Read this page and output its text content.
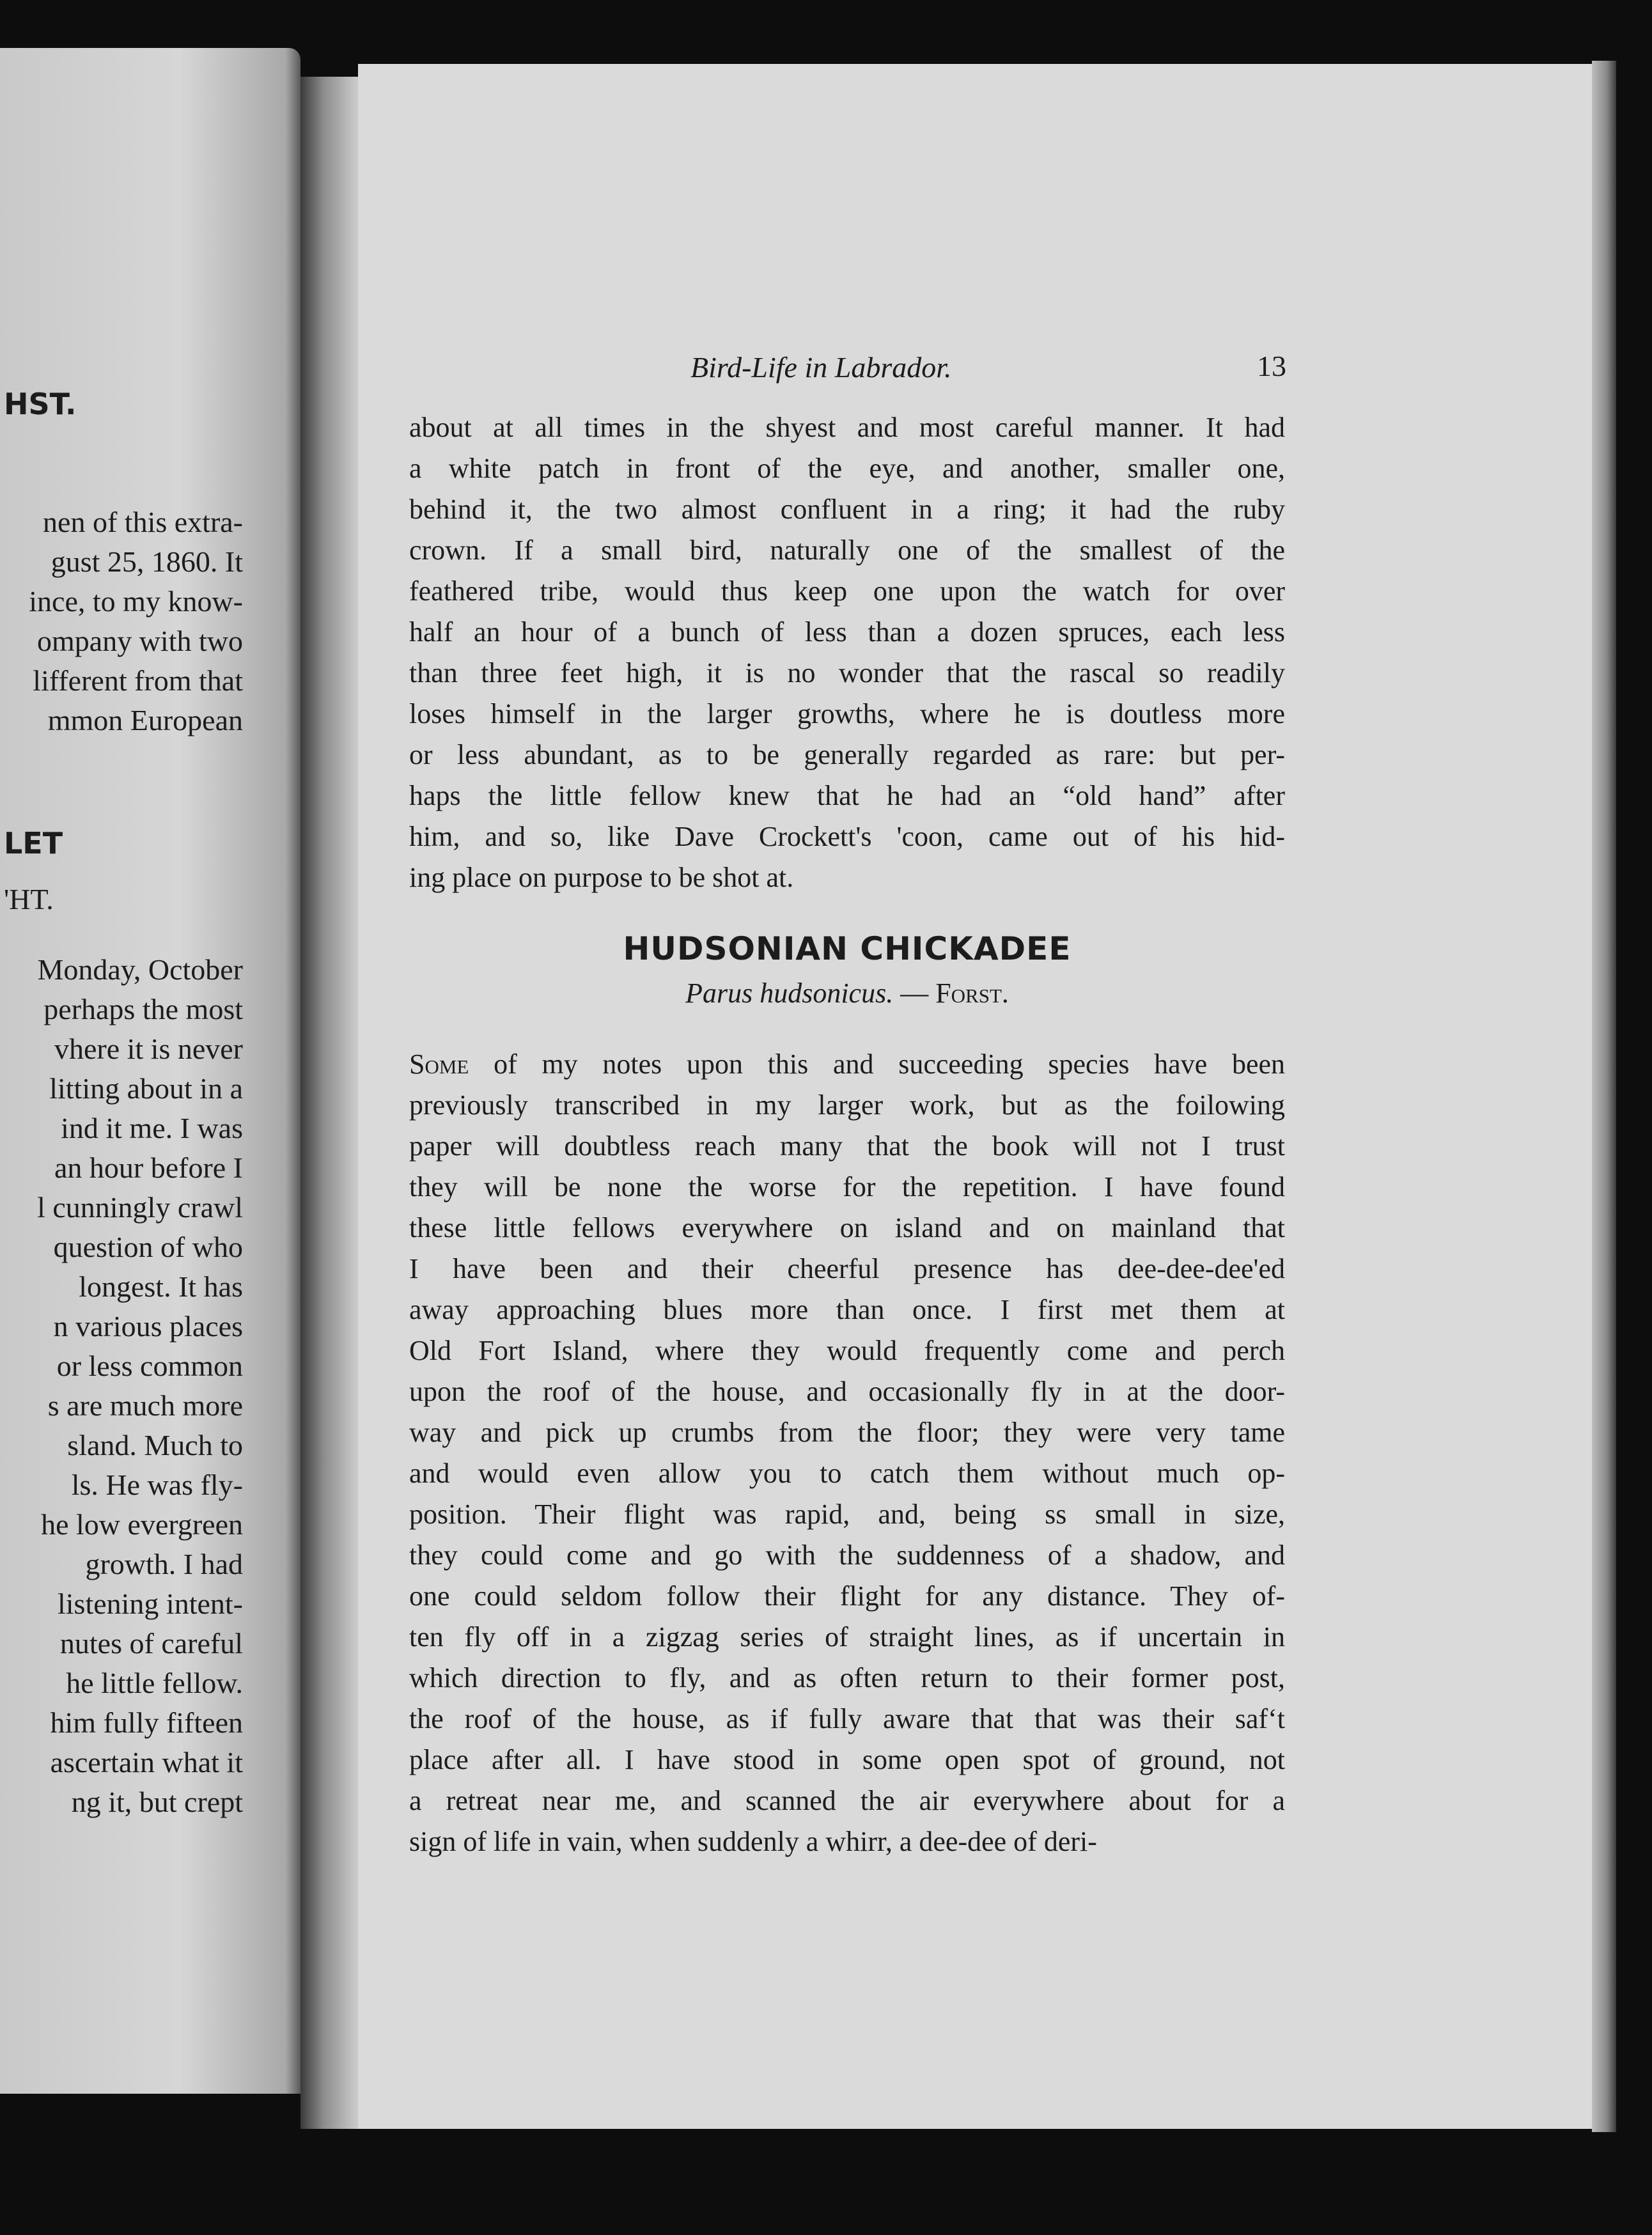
HST.
nen of this extra-
gust 25, 1860. It
ince, to my know-
ompany with two
lifferent from that
mmon European
LET
'HT.
Monday, October
perhaps the most
vhere it is never
litting about in a
ind it me. I was
an hour before I
l cunningly crawl
question of who
longest. It has
n various places
or less common
s are much more
sland. Much to
ls. He was fly-
he low evergreen
growth. I had
listening intent-
nutes of careful
he little fellow.
him fully fifteen
ascertain what it
ng it, but crept
Bird-Life in Labrador.	13
about at all times in the shyest and most careful manner. It had
a white patch in front of the eye, and another, smaller one,
behind it, the two almost confluent in a ring; it had the ruby
crown. If a small bird, naturally one of the smallest of the
feathered tribe, would thus keep one upon the watch for over
half an hour of a bunch of less than a dozen spruces, each less
than three feet high, it is no wonder that the rascal so readily
loses himself in the larger growths, where he is doutless more
or less abundant, as to be generally regarded as rare: but per-
haps the little fellow knew that he had an “old hand” after
him, and so, like Dave Crockett's 'coon, came out of his hid-
ing place on purpose to be shot at.
HUDSONIAN CHICKADEE
Parus hudsonicus. — Forst.
Some of my notes upon this and succeeding species have been
previously transcribed in my larger work, but as the foilowing
paper will doubtless reach many that the book will not I trust
they will be none the worse for the repetition. I have found
these little fellows everywhere on island and on mainland that
I have been and their cheerful presence has dee-dee-dee'ed
away approaching blues more than once. I first met them at
Old Fort Island, where they would frequently come and perch
upon the roof of the house, and occasionally fly in at the door-
way and pick up crumbs from the floor; they were very tame
and would even allow you to catch them without much op-
position. Their flight was rapid, and, being ss small in size,
they could come and go with the suddenness of a shadow, and
one could seldom follow their flight for any distance. They of-
ten fly off in a zigzag series of straight lines, as if uncertain in
which direction to fly, and as often return to their former post,
the roof of the house, as if fully aware that that was their safʻt
place after all. I have stood in some open spot of ground, not
a retreat near me, and scanned the air everywhere about for a
sign of life in vain, when suddenly a whirr, a dee-dee of deri-
